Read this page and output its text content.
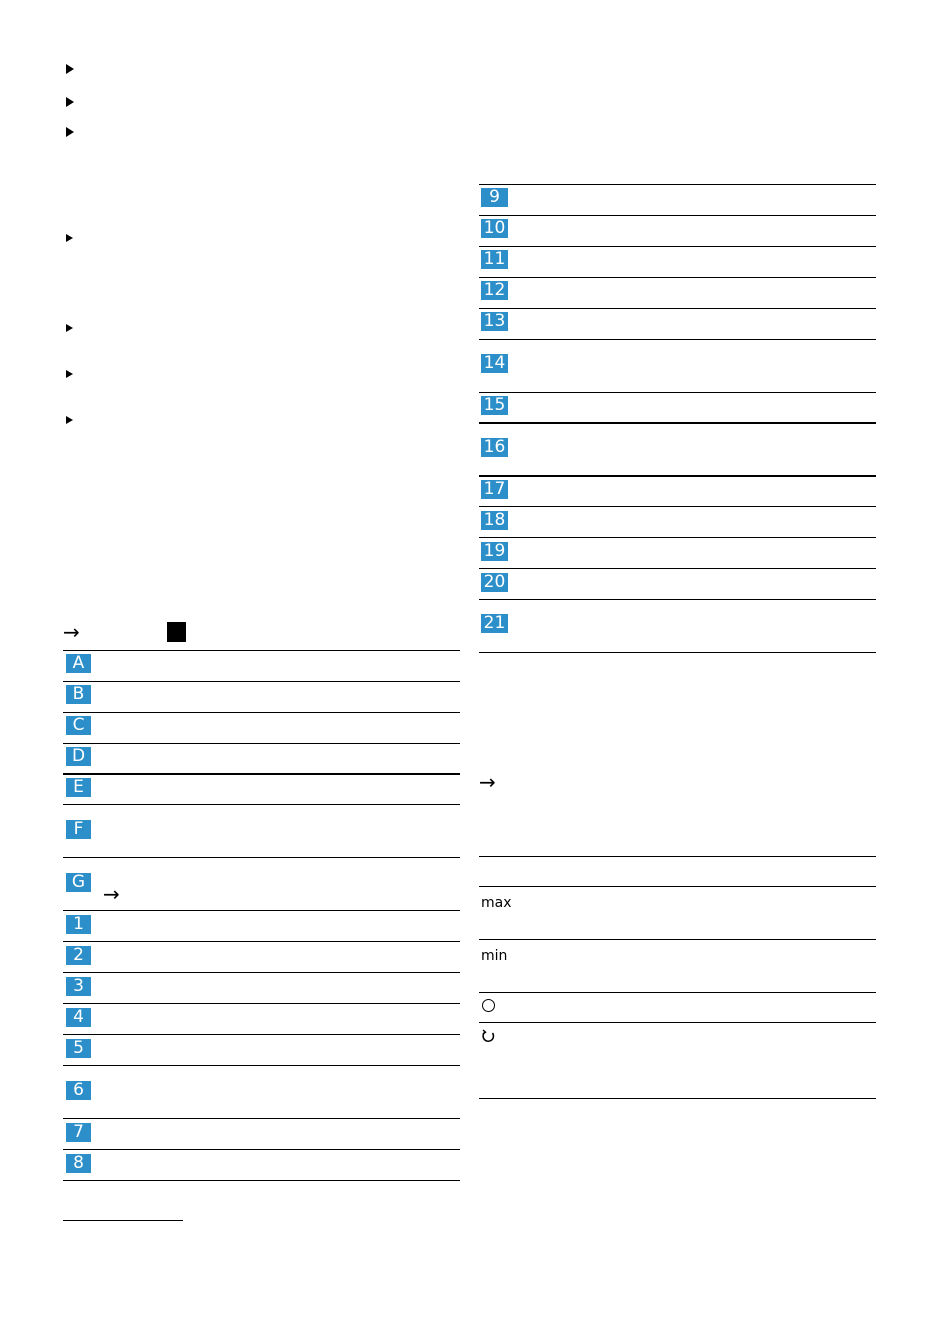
→
A
B
C
D
E
F
G →
1
2
3
4
5
6
7
8
9
10
11
12
13
14
15
16
17
18
19
20
21
→
max
min
